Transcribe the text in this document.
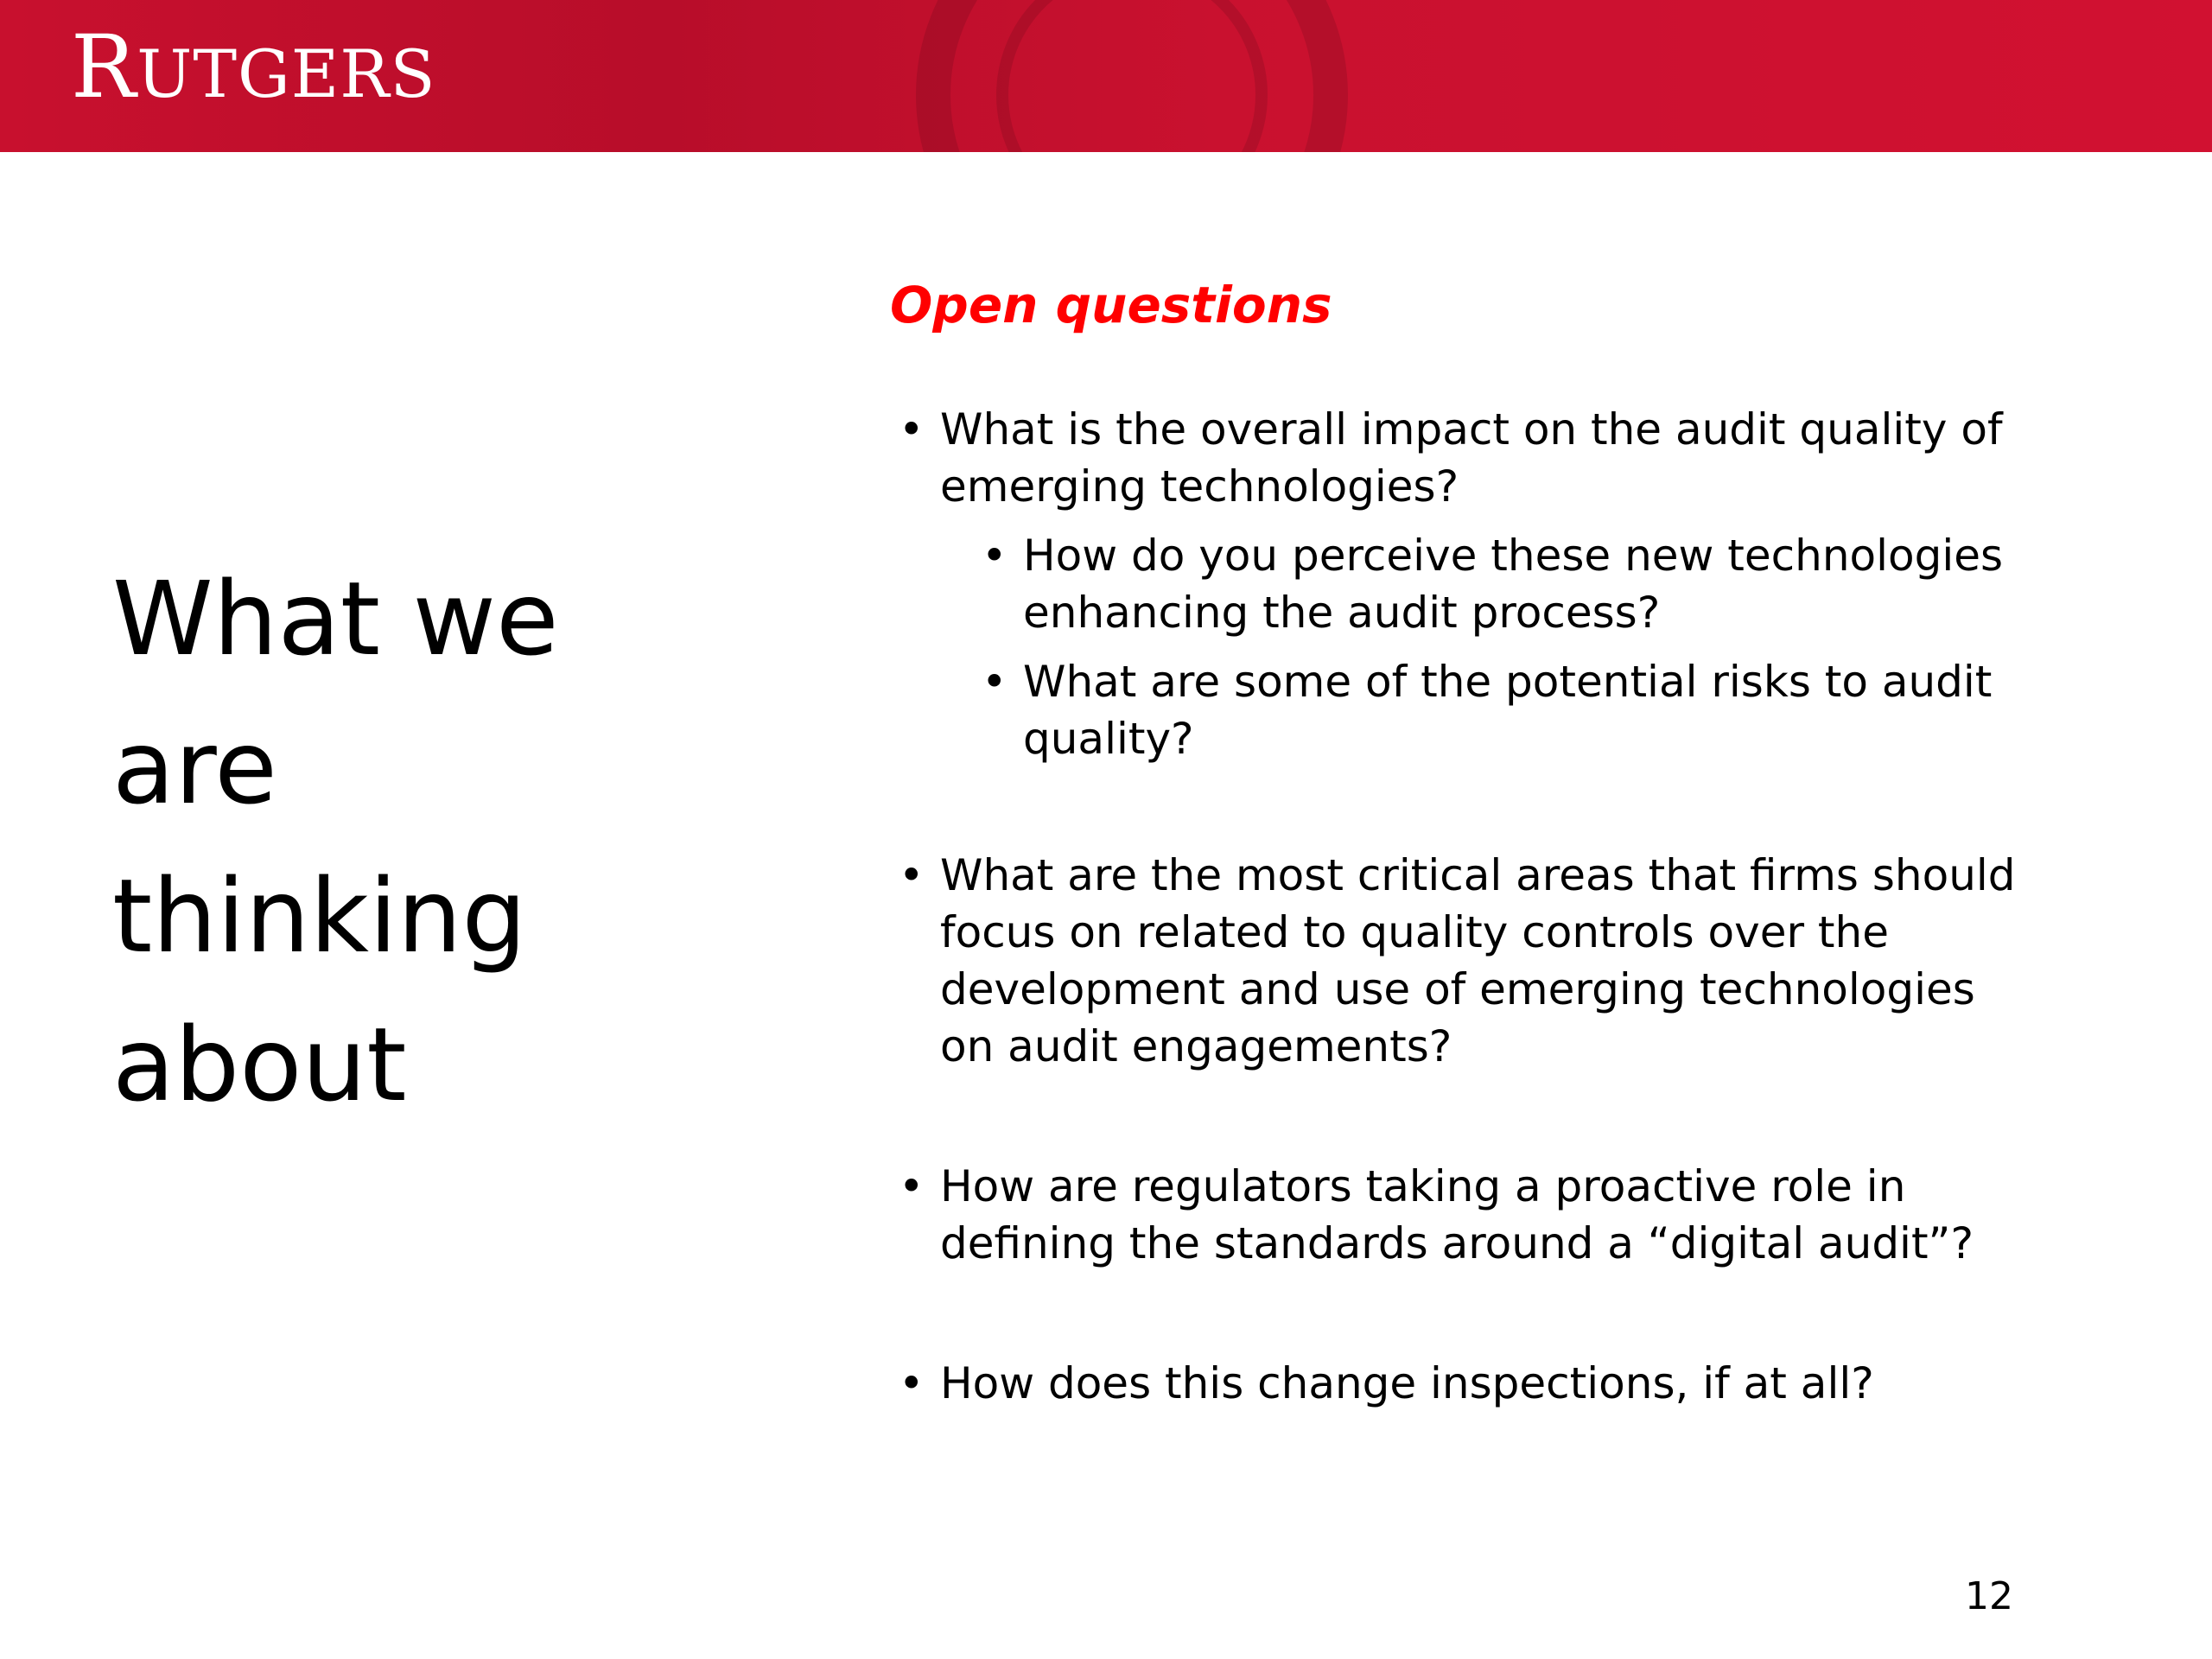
RUTGERS
What we
are
thinking
about
Open questions
• What is the overall impact on the audit quality of emerging technologies?
• How do you perceive these new technologies enhancing the audit process?
• What are some of the potential risks to audit quality?
• What are the most critical areas that firms should focus on related to quality controls over the development and use of emerging technologies on audit engagements?
• How are regulators taking a proactive role in defining the standards around a “digital audit”?
• How does this change inspections, if at all?
12
